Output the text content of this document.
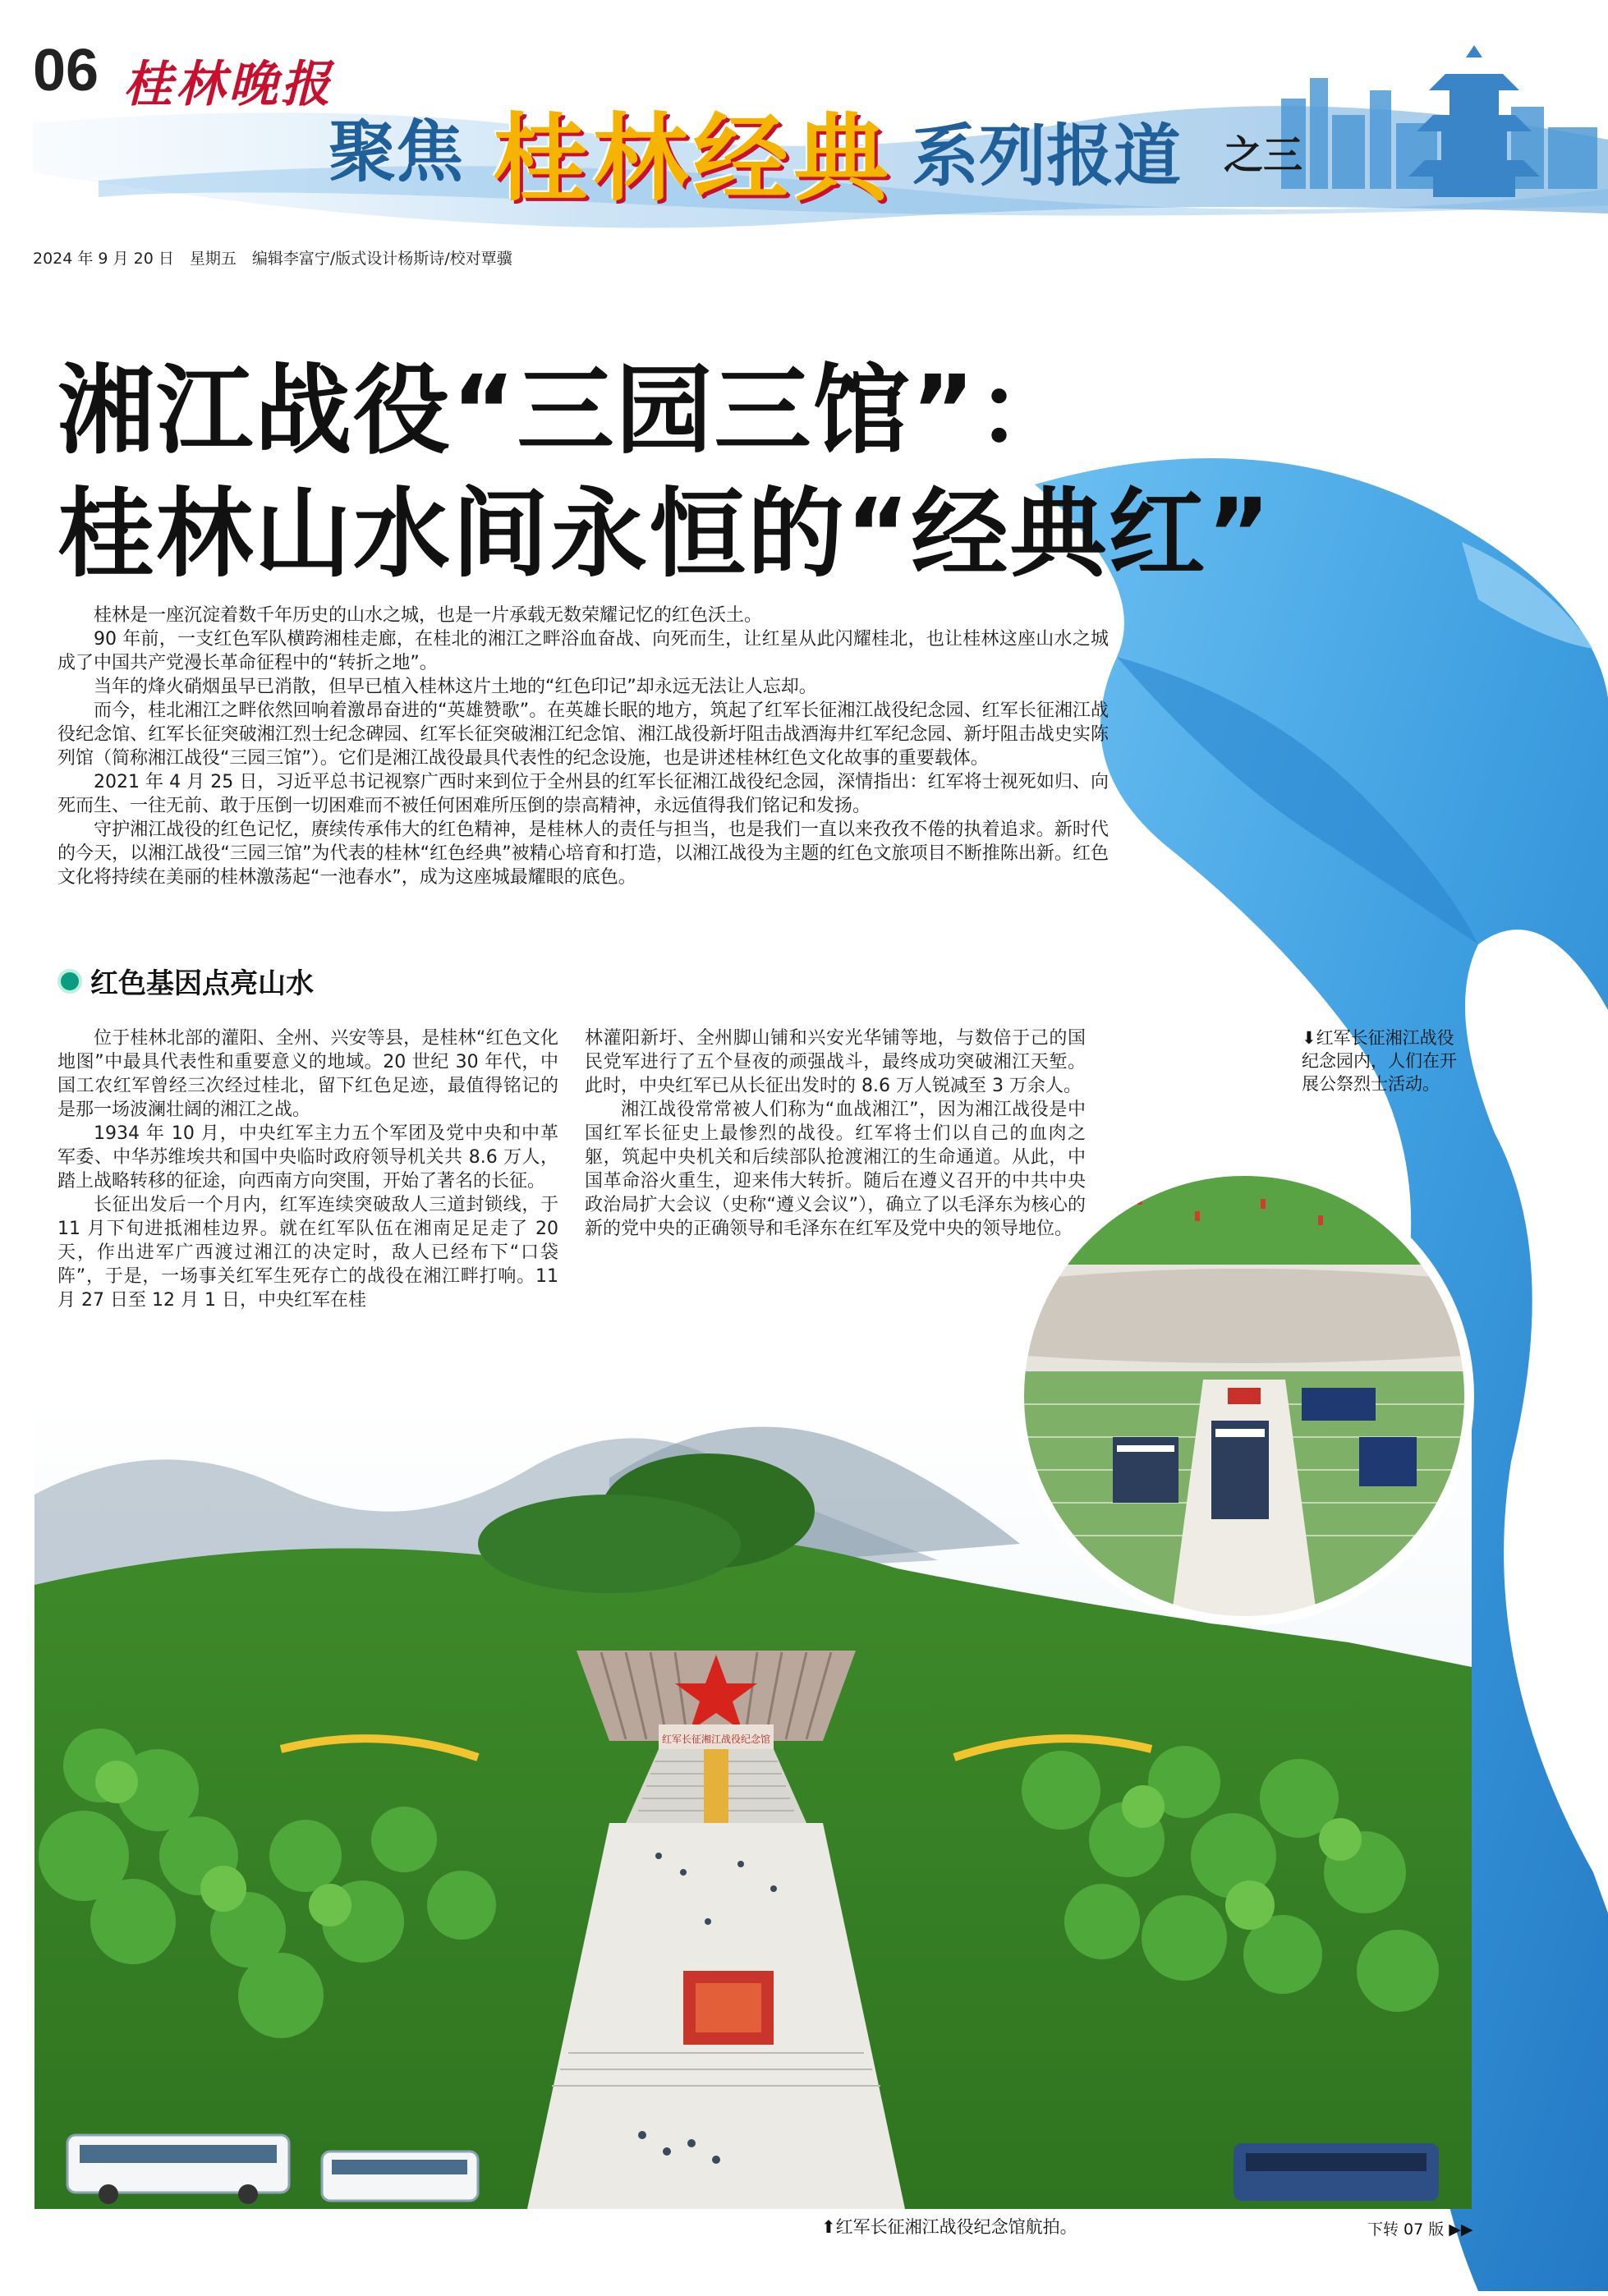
06 桂林晚报
聚焦 桂林经典 系列报道 之三
2024 年 9 月 20 日　星期五　编辑李富宁/版式设计杨斯诗/校对覃骥
湘江战役“三园三馆”：
桂林山水间永恒的“经典红”

桂林是一座沉淀着数千年历史的山水之城，也是一片承载无数荣耀记忆的红色沃土。

90 年前，一支红色军队横跨湘桂走廊，在桂北的湘江之畔浴血奋战、向死而生，让红星从此闪耀桂北，也让桂林这座山水之城成了中国共产党漫长革命征程中的“转折之地”。

当年的烽火硝烟虽早已消散，但早已植入桂林这片土地的“红色印记”却永远无法让人忘却。

而今，桂北湘江之畔依然回响着激昂奋进的“英雄赞歌”。在英雄长眠的地方，筑起了红军长征湘江战役纪念园、红军长征湘江战役纪念馆、红军长征突破湘江烈士纪念碑园、红军长征突破湘江纪念馆、湘江战役新圩阻击战酒海井红军纪念园、新圩阻击战史实陈列馆（简称湘江战役“三园三馆”）。它们是湘江战役最具代表性的纪念设施，也是讲述桂林红色文化故事的重要载体。

2021 年 4 月 25 日，习近平总书记视察广西时来到位于全州县的红军长征湘江战役纪念园，深情指出：红军将士视死如归、向死而生、一往无前、敢于压倒一切困难而不被任何困难所压倒的崇高精神，永远值得我们铭记和发扬。

守护湘江战役的红色记忆，赓续传承伟大的红色精神，是桂林人的责任与担当，也是我们一直以来孜孜不倦的执着追求。新时代的今天，以湘江战役“三园三馆”为代表的桂林“红色经典”被精心培育和打造，以湘江战役为主题的红色文旅项目不断推陈出新。红色文化将持续在美丽的桂林激荡起“一池春水”，成为这座城最耀眼的底色。

红色基因点亮山水

位于桂林北部的灌阳、全州、兴安等县，是桂林“红色文化地图”中最具代表性和重要意义的地域。20 世纪 30 年代，中国工农红军曾经三次经过桂北，留下红色足迹，最值得铭记的是那一场波澜壮阔的湘江之战。

1934 年 10 月，中央红军主力五个军团及党中央和中革军委、中华苏维埃共和国中央临时政府领导机关共 8.6 万人，踏上战略转移的征途，向西南方向突围，开始了著名的长征。

长征出发后一个月内，红军连续突破敌人三道封锁线，于 11 月下旬进抵湘桂边界。就在红军队伍在湘南足足走了 20 天，作出进军广西渡过湘江的决定时，敌人已经布下“口袋阵”，于是，一场事关红军生死存亡的战役在湘江畔打响。11 月 27 日至 12 月 1 日，中央红军在桂

林灌阳新圩、全州脚山铺和兴安光华铺等地，与数倍于己的国民党军进行了五个昼夜的顽强战斗，最终成功突破湘江天堑。此时，中央红军已从长征出发时的 8.6 万人锐减至 3 万余人。

湘江战役常常被人们称为“血战湘江”，因为湘江战役是中国红军长征史上最惨烈的战役。红军将士们以自己的血肉之躯，筑起中央机关和后续部队抢渡湘江的生命通道。从此，中国革命浴火重生，迎来伟大转折。随后在遵义召开的中共中央政治局扩大会议（史称“遵义会议”），确立了以毛泽东为核心的新的党中央的正确领导和毛泽东在红军及党中央的领导地位。

红军长征湘江战役纪念馆
⬇红军长征湘江战役纪念园内，人们在开展公祭烈士活动。
⬆红军长征湘江战役纪念馆航拍。	下转 07 版 ▶▶
